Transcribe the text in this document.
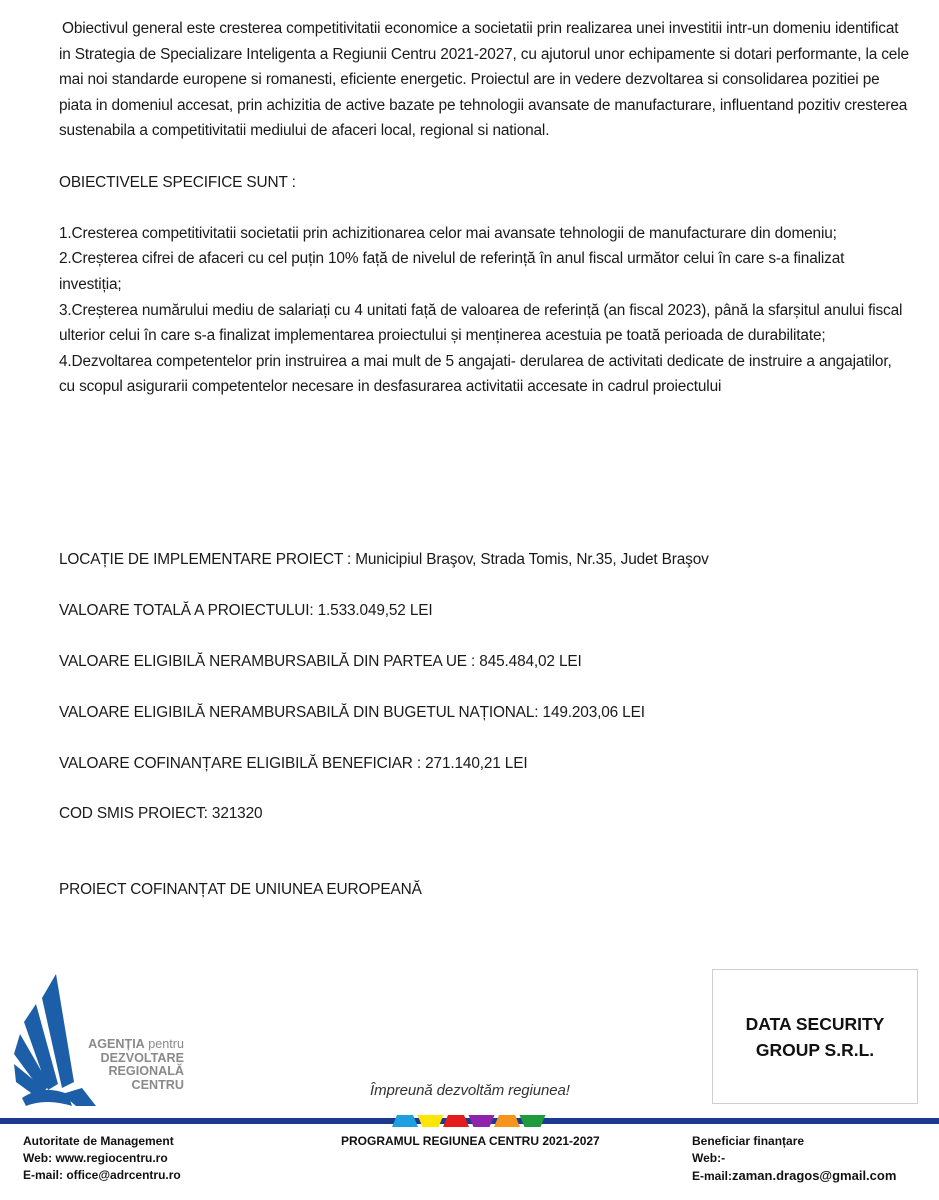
Obiectivul general este cresterea competitivitatii economice a societatii prin realizarea unei investitii intr-un domeniu identificat in Strategia de Specializare Inteligenta a Regiunii Centru 2021-2027, cu ajutorul unor echipamente si dotari performante, la cele mai noi standarde europene si romanesti, eficiente energetic. Proiectul are in vedere dezvoltarea si consolidarea pozitiei pe piata in domeniul accesat, prin achizitia de active bazate pe tehnologii avansate de manufacturare, influentand pozitiv cresterea sustenabila a competitivitatii mediului de afaceri local, regional si national.

OBIECTIVELE SPECIFICE SUNT :

1.Cresterea competitivitatii societatii prin achizitionarea celor mai avansate tehnologii de manufacturare din domeniu;

2.Creșterea cifrei de afaceri cu cel puțin 10% față de nivelul de referință în anul fiscal următor celui în care s-a finalizat investiția;

3.Creșterea numărului mediu de salariați cu 4 unitati față de valoarea de referință (an fiscal 2023), până la sfarșitul anului fiscal ulterior celui în care s-a finalizat implementarea proiectului și menținerea acestuia pe toată perioada de durabilitate;

4.Dezvoltarea competentelor prin instruirea a mai mult de 5 angajati- derularea de activitati dedicate de instruire a angajatilor, cu scopul asigurarii competentelor necesare in desfasurarea activitatii accesate in cadrul proiectului

LOCAȚIE DE IMPLEMENTARE PROIECT : Municipiul Braşov, Strada Tomis, Nr.35, Judet Braşov
VALOARE TOTALĂ A PROIECTULUI: 1.533.049,52 LEI
VALOARE ELIGIBILĂ NERAMBURSABILĂ DIN PARTEA UE : 845.484,02 LEI
VALOARE ELIGIBILĂ NERAMBURSABILĂ DIN BUGETUL NAȚIONAL: 149.203,06 LEI
VALOARE COFINANȚARE ELIGIBILĂ BENEFICIAR : 271.140,21 LEI
COD SMIS PROIECT: 321320
PROIECT COFINANȚAT DE UNIUNEA EUROPEANĂ
AGENȚIA pentru
DEZVOLTARE
REGIONALĂ
CENTRU	Împreună dezvoltăm regiunea!
DATA SECURITY
GROUP S.R.L.
Autoritate de Management
Web: www.regiocentru.ro
E-mail: office@adrcentru.ro
PROGRAMUL REGIUNEA CENTRU 2021-2027	Beneficiar finanțare
Web:-
E-mail:zaman.dragos@gmail.com
